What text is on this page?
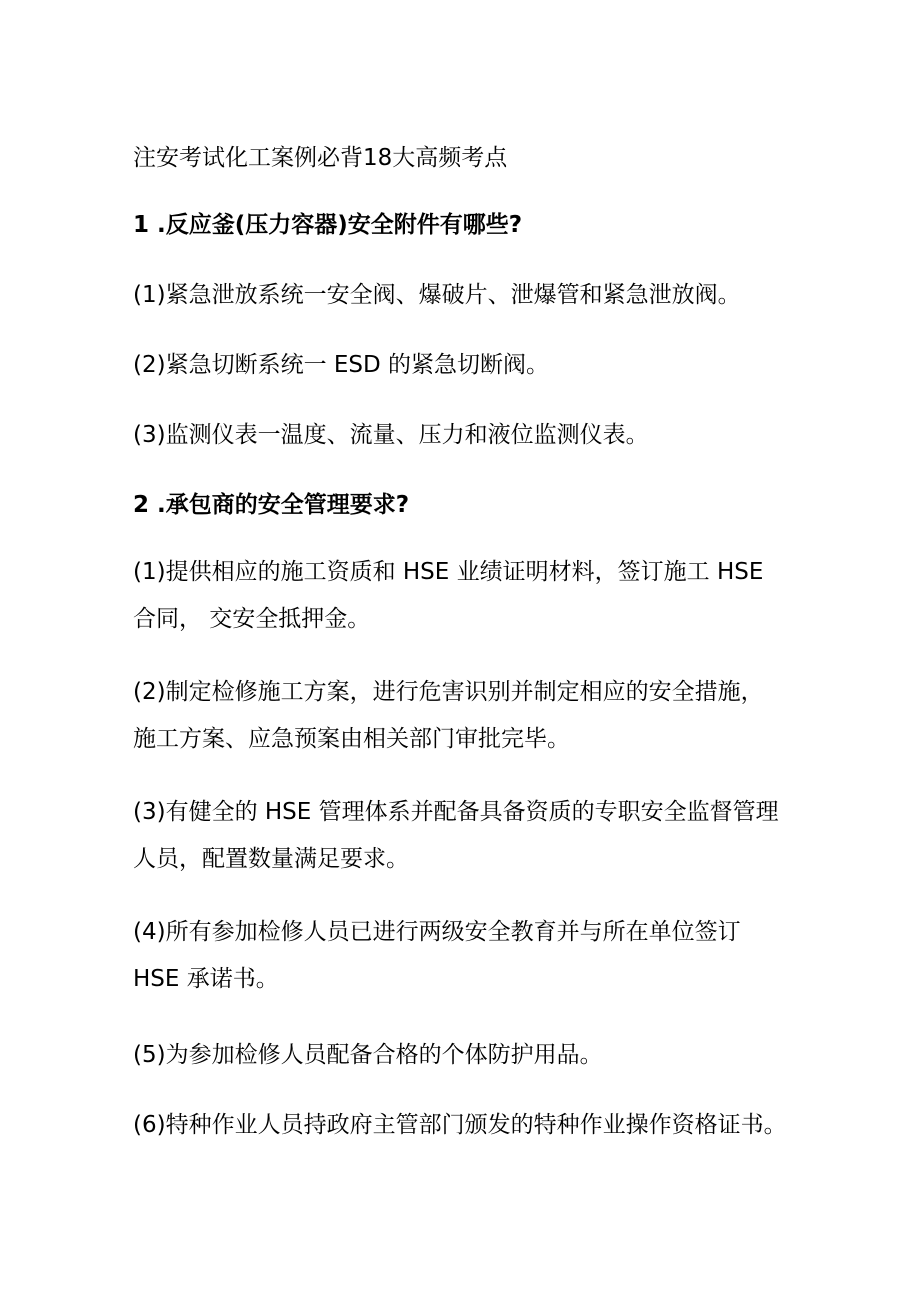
注安考试化工案例必背18大高频考点
1 .反应釜(压力容器)安全附件有哪些?
(1)紧急泄放系统一安全阀、爆破片、泄爆管和紧急泄放阀。
(2)紧急切断系统一 ESD 的紧急切断阀。
(3)监测仪表一温度、流量、压力和液位监测仪表。
2 .承包商的安全管理要求?
(1)提供相应的施工资质和 HSE 业绩证明材料，签订施工 HSE
合同， 交安全抵押金。
(2)制定检修施工方案，进行危害识别并制定相应的安全措施，
施工方案、应急预案由相关部门审批完毕。
(3)有健全的 HSE 管理体系并配备具备资质的专职安全监督管理
人员，配置数量满足要求。
(4)所有参加检修人员已进行两级安全教育并与所在单位签订
HSE 承诺书。
(5)为参加检修人员配备合格的个体防护用品。
(6)特种作业人员持政府主管部门颁发的特种作业操作资格证书。
